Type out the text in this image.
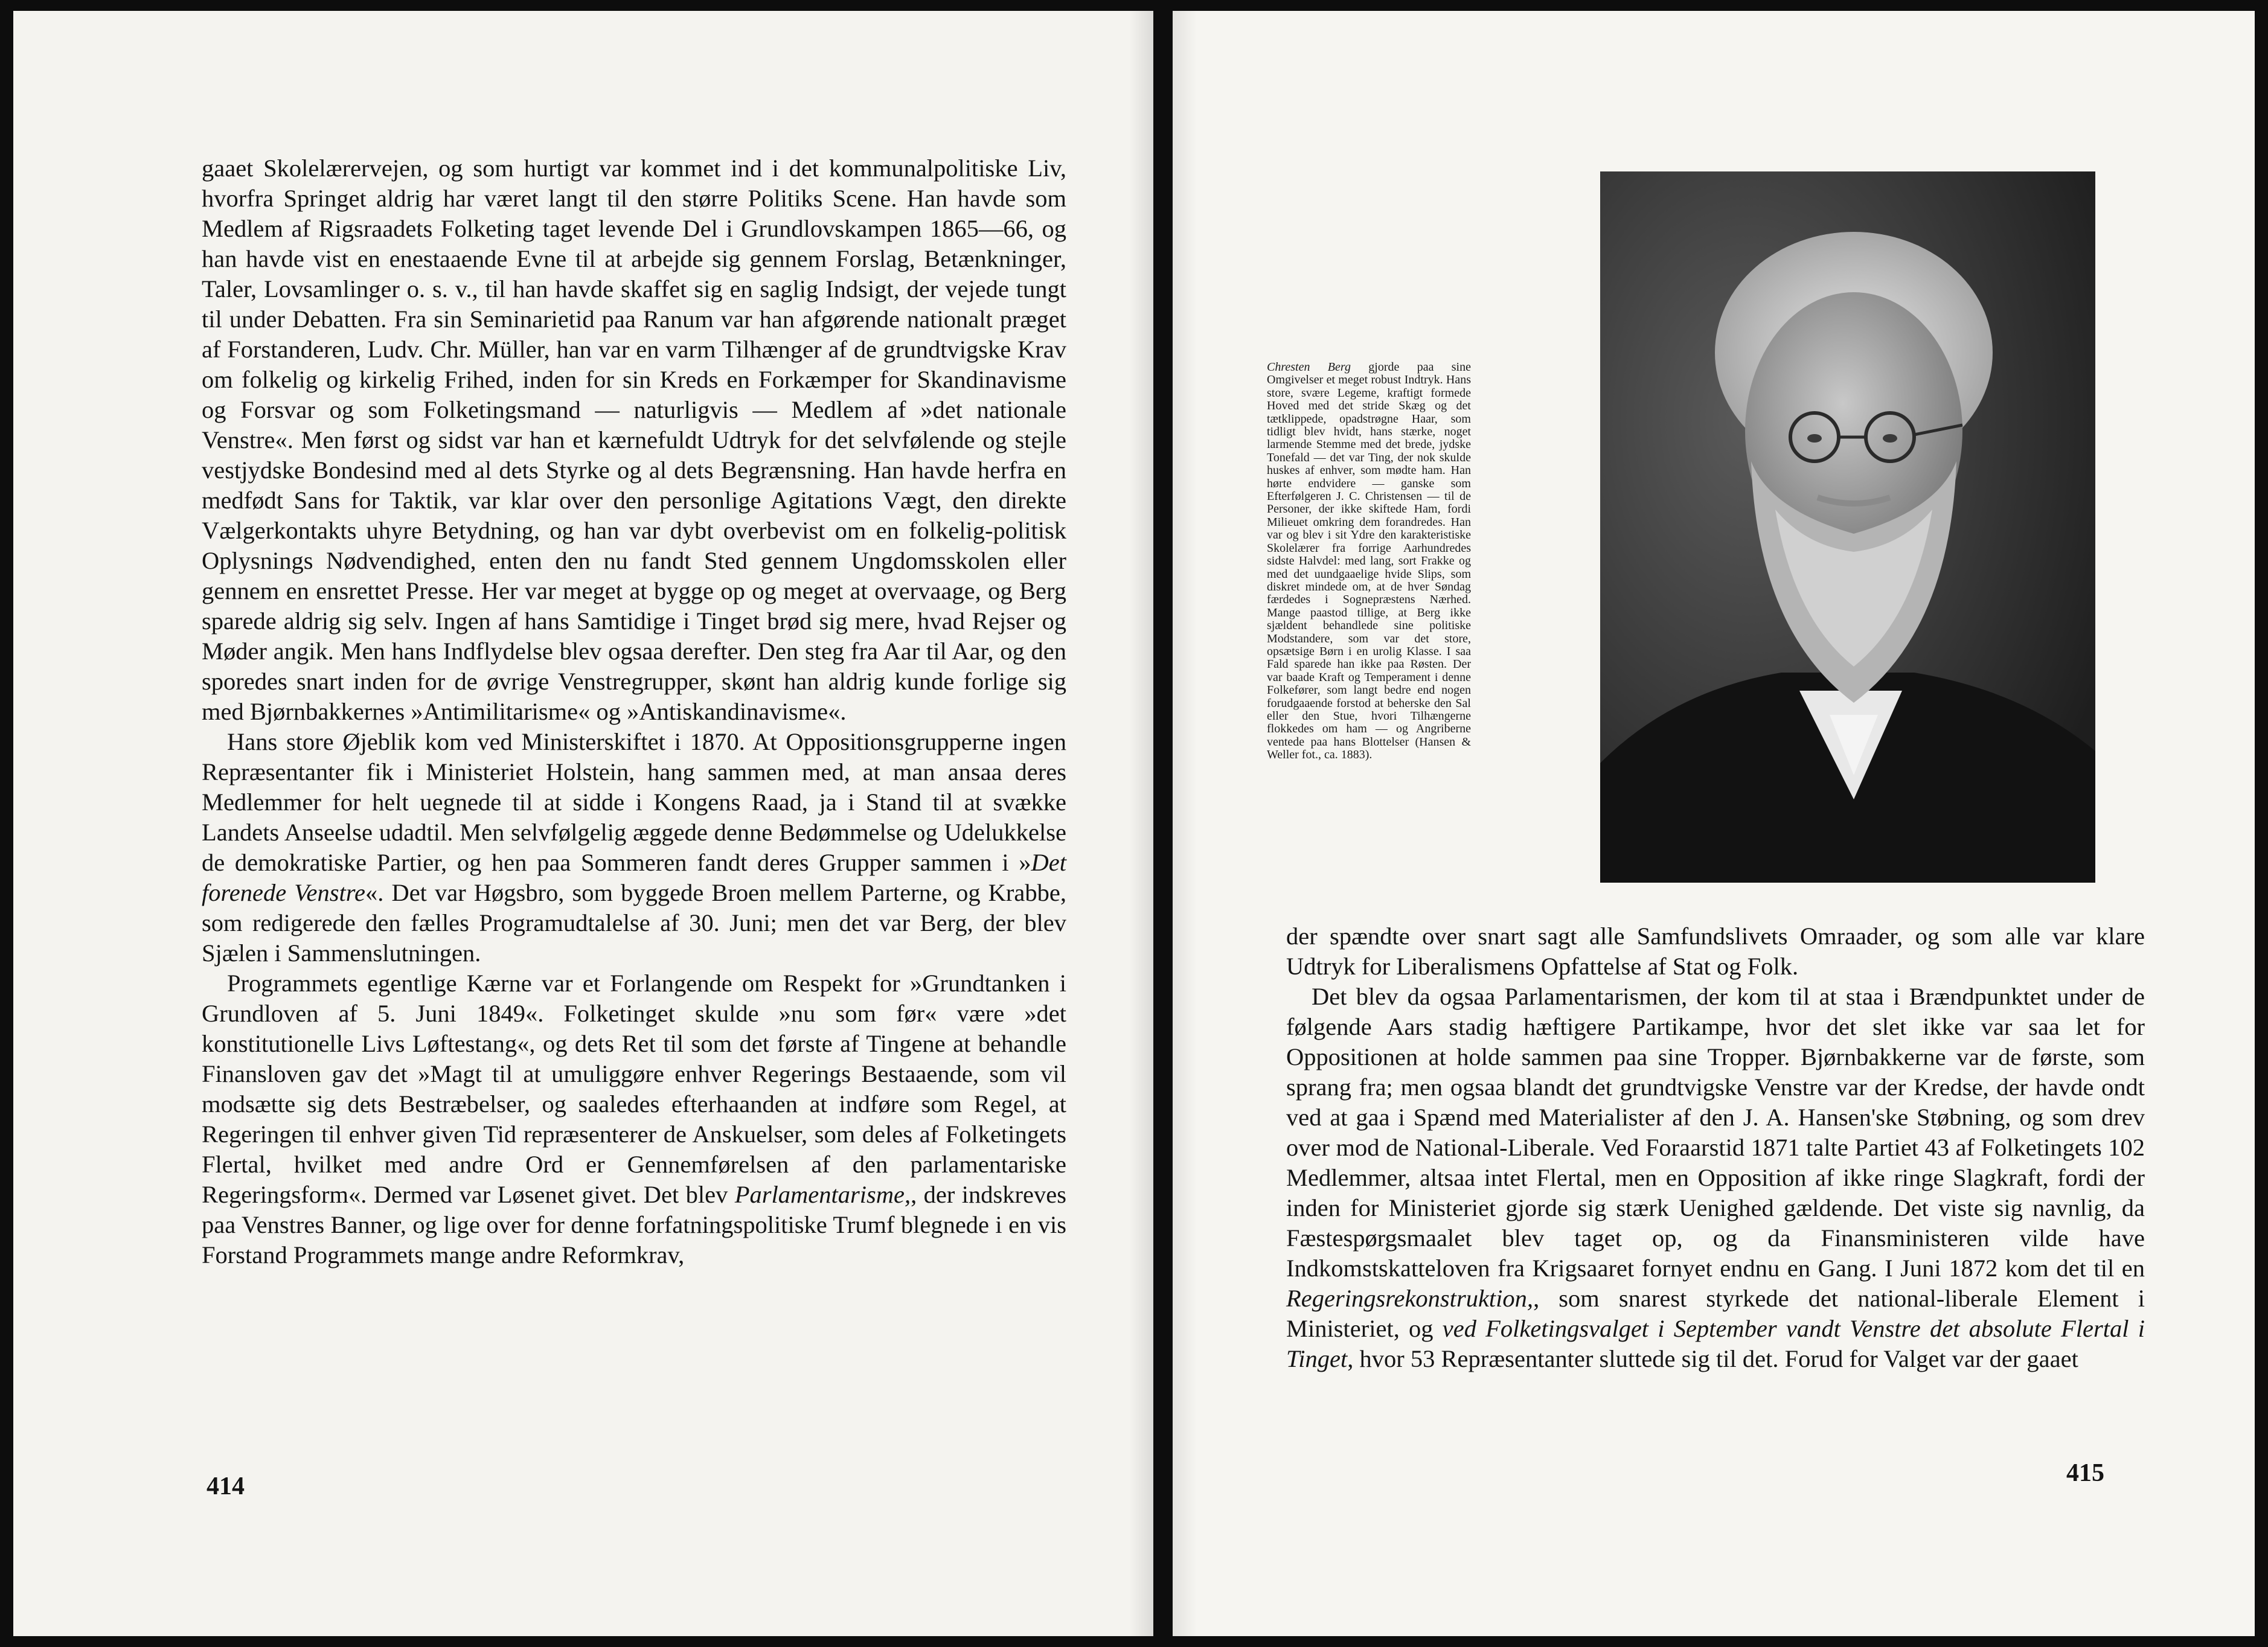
gaaet Skolelærervejen, og som hurtigt var kommet ind i det kommunalpolitiske Liv, hvorfra Springet aldrig har været langt til den større Politiks Scene. Han havde som Medlem af Rigsraadets Folketing taget levende Del i Grundlovskampen 1865—66, og han havde vist en enestaaende Evne til at arbejde sig gennem Forslag, Betænkninger, Taler, Lovsamlinger o. s. v., til han havde skaffet sig en saglig Indsigt, der vejede tungt til under Debatten. Fra sin Seminarietid paa Ranum var han afgørende nationalt præget af Forstanderen, Ludv. Chr. Müller, han var en varm Tilhænger af de grundtvigske Krav om folkelig og kirkelig Frihed, inden for sin Kreds en Forkæmper for Skandinavisme og Forsvar og som Folketingsmand — naturligvis — Medlem af »det nationale Venstre«. Men først og sidst var han et kærnefuldt Udtryk for det selvfølende og stejle vestjydske Bondesind med al dets Styrke og al dets Begrænsning. Han havde herfra en medfødt Sans for Taktik, var klar over den personlige Agitations Vægt, den direkte Vælgerkontakts uhyre Betydning, og han var dybt overbevist om en folkelig-politisk Oplysnings Nødvendighed, enten den nu fandt Sted gennem Ungdomsskolen eller gennem en ensrettet Presse. Her var meget at bygge op og meget at overvaage, og Berg sparede aldrig sig selv. Ingen af hans Samtidige i Tinget brød sig mere, hvad Rejser og Møder angik. Men hans Indflydelse blev ogsaa derefter. Den steg fra Aar til Aar, og den sporedes snart inden for de øvrige Venstregrupper, skønt han aldrig kunde forlige sig med Bjørnbakkernes »Antimilitarisme« og »Antiskandinavisme«.

Hans store Øjeblik kom ved Ministerskiftet i 1870. At Oppositionsgrupperne ingen Repræsentanter fik i Ministeriet Holstein, hang sammen med, at man ansaa deres Medlemmer for helt uegnede til at sidde i Kongens Raad, ja i Stand til at svække Landets Anseelse udadtil. Men selvfølgelig æggede denne Bedømmelse og Udelukkelse de demokratiske Partier, og hen paa Sommeren fandt deres Grupper sammen i »Det forenede Venstre«. Det var Høgsbro, som byggede Broen mellem Parterne, og Krabbe, som redigerede den fælles Programudtalelse af 30. Juni; men det var Berg, der blev Sjælen i Sammenslutningen.

Programmets egentlige Kærne var et Forlangende om Respekt for »Grundtanken i Grundloven af 5. Juni 1849«. Folketinget skulde »nu som før« være »det konstitutionelle Livs Løftestang«, og dets Ret til som det første af Tingene at behandle Finansloven gav det »Magt til at umuliggøre enhver Regerings Bestaaende, som vil modsætte sig dets Bestræbelser, og saaledes efterhaanden at indføre som Regel, at Regeringen til enhver given Tid repræsenterer de Anskuelser, som deles af Folketingets Flertal, hvilket med andre Ord er Gennemførelsen af den parlamentariske Regeringsform«. Dermed var Løsenet givet. Det blev Parlamentarisme,, der indskreves paa Venstres Banner, og lige over for denne forfatningspolitiske Trumf blegnede i en vis Forstand Programmets mange andre Reformkrav,

414
Chresten Berg gjorde paa sine Omgivelser et meget robust Indtryk. Hans store, svære Legeme, kraftigt formede Hoved med det stride Skæg og det tætklippede, opadstrøgne Haar, som tidligt blev hvidt, hans stærke, noget larmende Stemme med det brede, jydske Tonefald — det var Ting, der nok skulde huskes af enhver, som mødte ham. Han hørte endvidere — ganske som Efterfølgeren J. C. Christensen — til de Personer, der ikke skiftede Ham, fordi Milieuet omkring dem forandredes. Han var og blev i sit Ydre den karakteristiske Skolelærer fra forrige Aarhundredes sidste Halvdel: med lang, sort Frakke og med det uundgaaelige hvide Slips, som diskret mindede om, at de hver Søndag færdedes i Sognepræstens Nærhed. Mange paastod tillige, at Berg ikke sjældent behandlede sine politiske Modstandere, som var det store, opsætsige Børn i en urolig Klasse. I saa Fald sparede han ikke paa Røsten. Der var baade Kraft og Temperament i denne Folkefører, som langt bedre end nogen forudgaaende forstod at beherske den Sal eller den Stue, hvori Tilhængerne flokkedes om ham — og Angriberne ventede paa hans Blottelser (Hansen & Weller fot., ca. 1883).

der spændte over snart sagt alle Samfundslivets Omraader, og som alle var klare Udtryk for Liberalismens Opfattelse af Stat og Folk.

Det blev da ogsaa Parlamentarismen, der kom til at staa i Brændpunktet under de følgende Aars stadig hæftigere Partikampe, hvor det slet ikke var saa let for Oppositionen at holde sammen paa sine Tropper. Bjørnbakkerne var de første, som sprang fra; men ogsaa blandt det grundtvigske Venstre var der Kredse, der havde ondt ved at gaa i Spænd med Materialister af den J. A. Hansen'ske Støbning, og som drev over mod de National-Liberale. Ved Foraarstid 1871 talte Partiet 43 af Folketingets 102 Medlemmer, altsaa intet Flertal, men en Opposition af ikke ringe Slagkraft, fordi der inden for Ministeriet gjorde sig stærk Uenighed gældende. Det viste sig navnlig, da Fæstespørgsmaalet blev taget op, og da Finansministeren vilde have Indkomstskatteloven fra Krigsaaret fornyet endnu en Gang. I Juni 1872 kom det til en Regeringsrekonstruktion,, som snarest styrkede det national-liberale Element i Ministeriet, og ved Folketingsvalget i September vandt Venstre det absolute Flertal i Tinget, hvor 53 Repræsentanter sluttede sig til det. Forud for Valget var der gaaet

415
